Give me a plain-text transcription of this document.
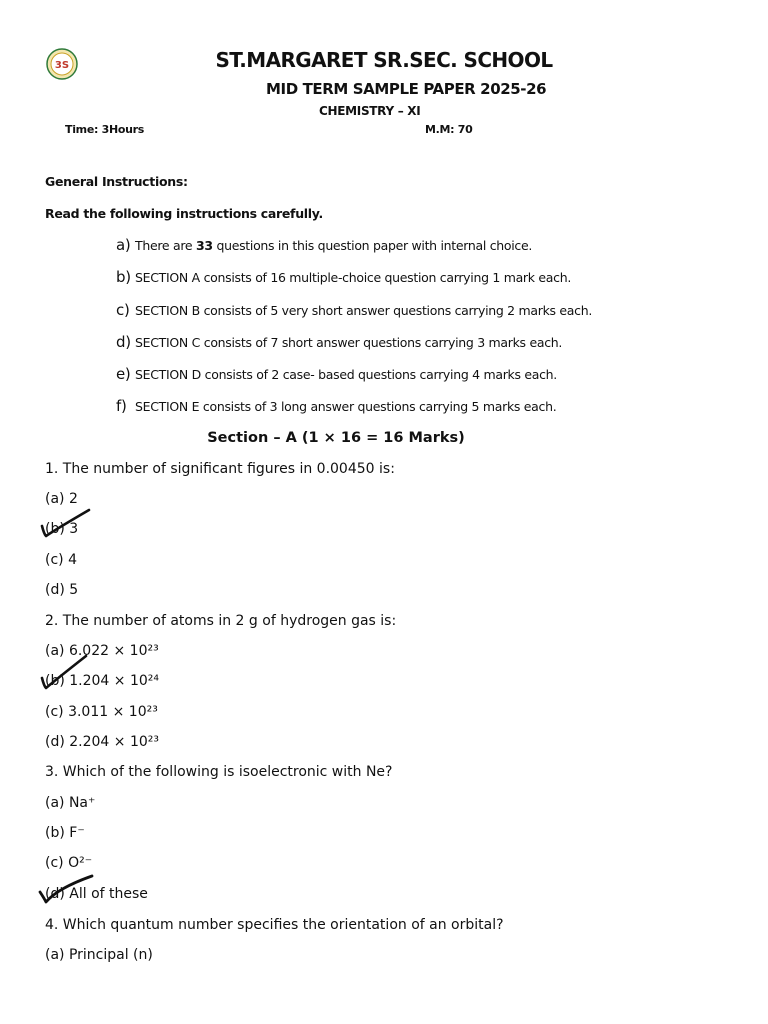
3S	ST.MARGARET SR.SEC. SCHOOL
MID TERM SAMPLE PAPER 2025-26
CHEMISTRY – XI
Time: 3Hours	M.M: 70
General Instructions:
Read the following instructions carefully.
a) There are 33 questions in this question paper with internal choice.
b) SECTION A consists of 16 multiple-choice question carrying 1 mark each.
c) SECTION B consists of 5 very short answer questions carrying 2 marks each.
d) SECTION C consists of 7 short answer questions carrying 3 marks each.
e) SECTION D consists of 2 case- based questions carrying 4 marks each.
f) SECTION E consists of 3 long answer questions carrying 5 marks each.
Section – A (1 × 16 = 16 Marks)
1. The number of significant figures in 0.00450 is:
(a) 2
(b) 3
(c) 4
(d) 5
2. The number of atoms in 2 g of hydrogen gas is:
(a) 6.022 × 10²³
(b) 1.204 × 10²⁴
(c) 3.011 × 10²³
(d) 2.204 × 10²³
3. Which of the following is isoelectronic with Ne?
(a) Na⁺
(b) F⁻
(c) O²⁻
(d) All of these
4. Which quantum number specifies the orientation of an orbital?
(a) Principal (n)
